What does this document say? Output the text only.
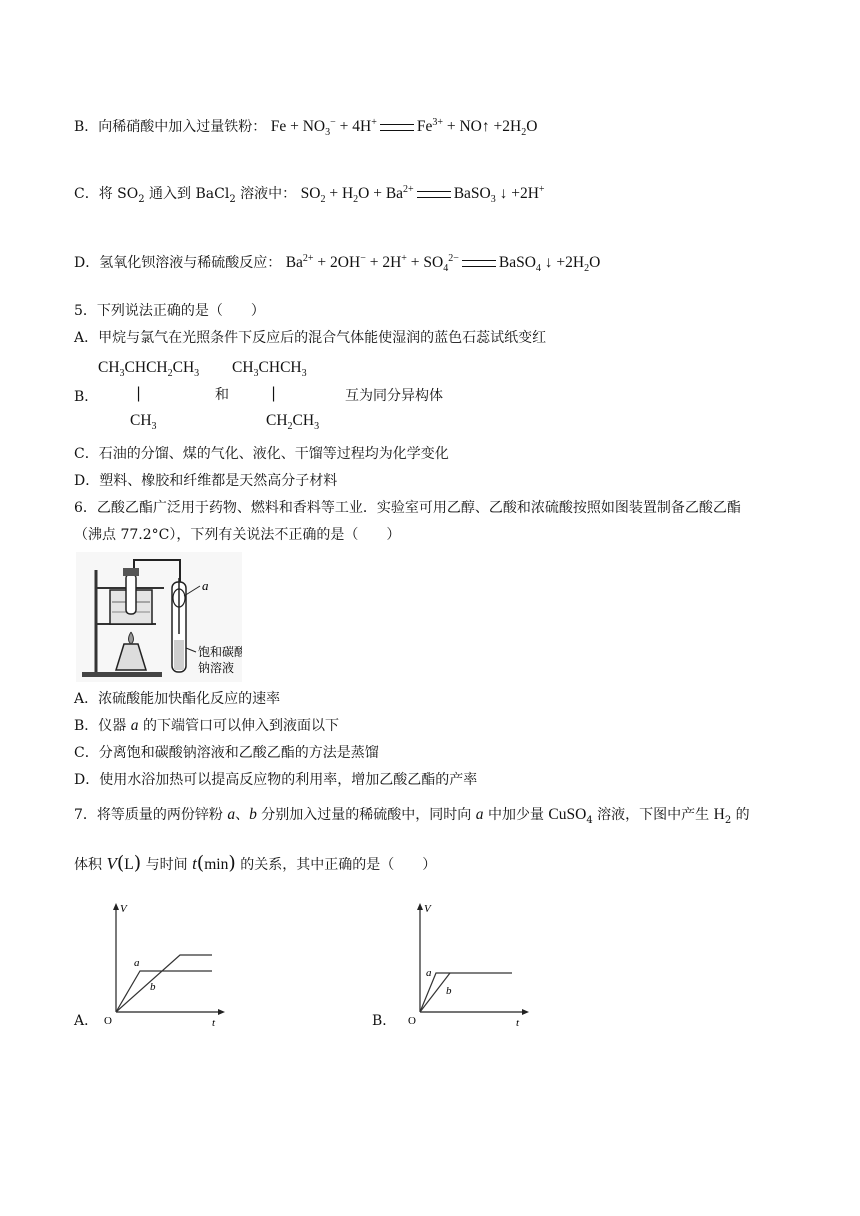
B．向稀硝酸中加入过量铁粉： $Fe + NO_3^- + 4H^+$	$Fe^{3+}$ + NO↑ $+2H_2O$
C．将 $SO_2$ 通入到 BaCl$_2$ 溶液中： $SO_2 + H_2O + Ba^{2+}$	BaSO$_3$ ↓ +2H+
D．氢氧化钡溶液与稀硫酸反应： $Ba^{2+} + 2OH^- + 2H^+ + SO_4^{2-}$	BaSO$_4$ ↓ $+2H_2O$
5．下列说法正确的是（　　）
A．甲烷与氯气在光照条件下反应后的混合气体能使湿润的蓝色石蕊试纸变红
$CH_3CHCH_2CH_3$ $CH_3CHCH_3$
B．	|	和	|	互为同分异构体
$CH_3$	$CH_2CH_3$
C．石油的分馏、煤的气化、液化、干馏等过程均为化学变化
D．塑料、橡胶和纤维都是天然高分子材料
6．乙酸乙酯广泛用于药物、燃料和香料等工业．实验室可用乙醇、乙酸和浓硫酸按照如图装置制备乙酸乙酯
（沸点 77.2°C），下列有关说法不正确的是（　　）
a
饱和碳酸
钠溶液
A．浓硫酸能加快酯化反应的速率
B．仪器 a 的下端管口可以伸入到液面以下
C．分离饱和碳酸钠溶液和乙酸乙酯的方法是蒸馏
D．使用水浴加热可以提高反应物的利用率，增加乙酸乙酯的产率
7．将等质量的两份锌粉 a、b 分别加入过量的稀硫酸中，同时向 a 中加少量 CuSO$_4$ 溶液，下图中产生 $H_2$ 的
体积 V(L) 与时间 t(min) 的关系，其中正确的是（　　）
A．
V
O	t
a
b
B．
V
O	t
a
b
